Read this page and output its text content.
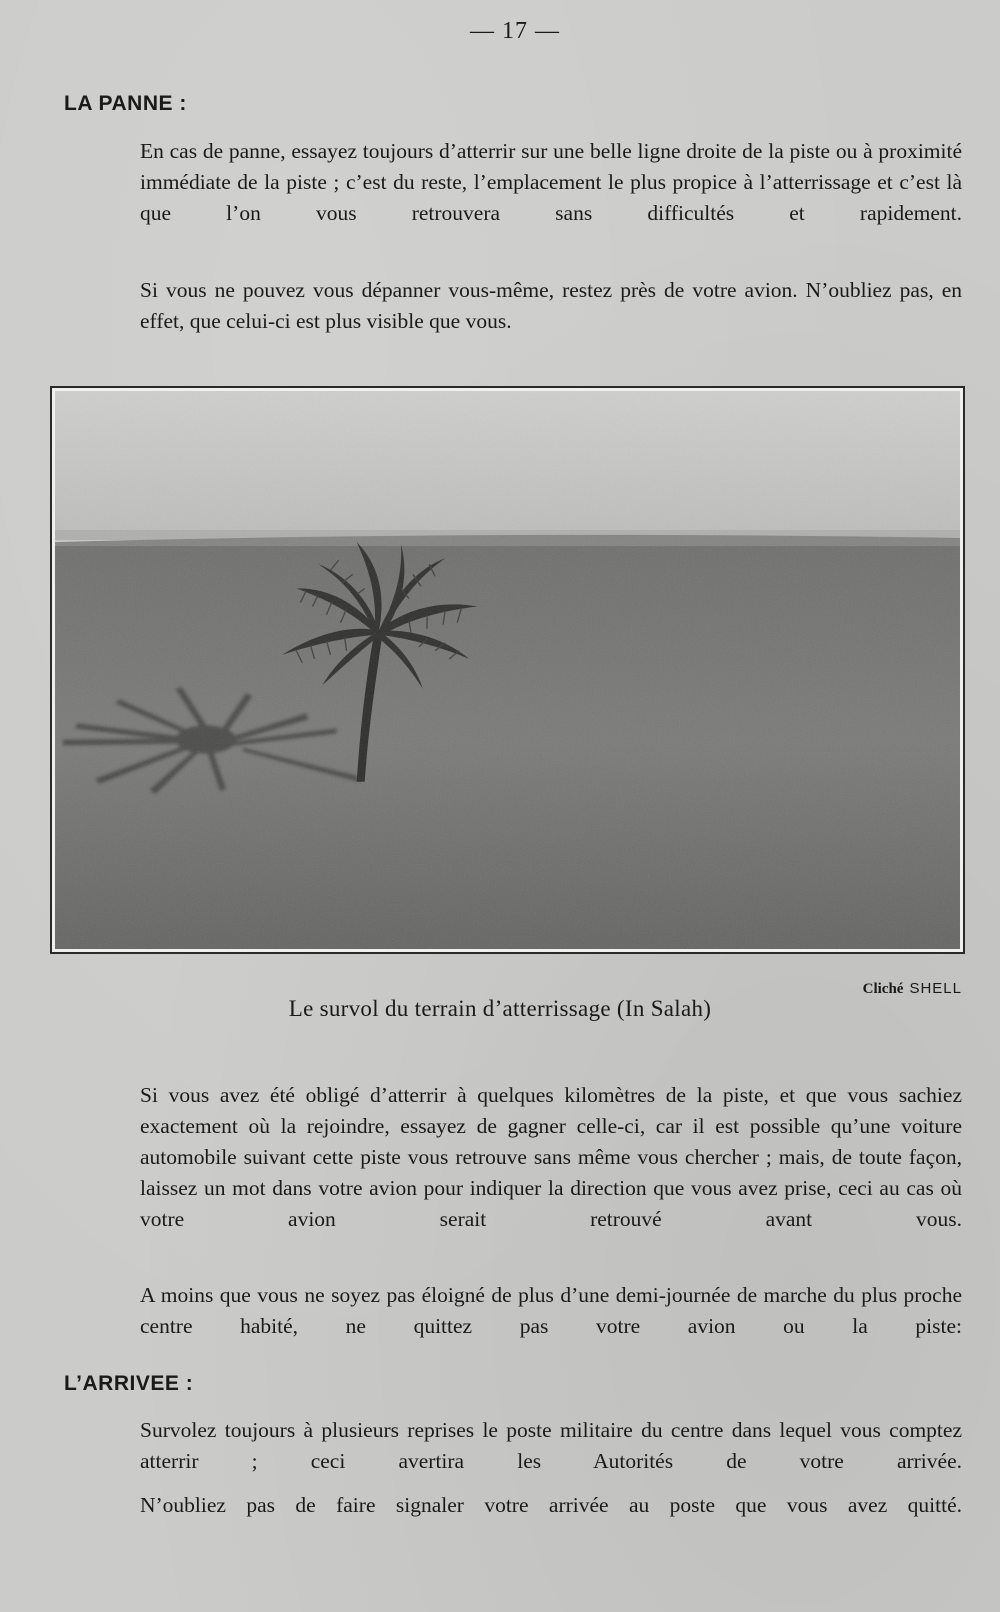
— 17 —
LA PANNE :

En cas de panne, essayez toujours d’atterrir sur une belle ligne droite de la piste ou à proximité immédiate de la piste ; c’est du reste, l’emplacement le plus propice à l’atterrissage et c’est là que l’on vous retrouvera sans difficultés et rapidement.

Si vous ne pouvez vous dépanner vous-même, restez près de votre avion. N’oubliez pas, en effet, que celui-ci est plus visible que vous.

Cliché SHELL
Le survol du terrain d’atterrissage (In Salah)

Si vous avez été obligé d’atterrir à quelques kilomètres de la piste, et que vous sachiez exactement où la rejoindre, essayez de gagner celle-ci, car il est possible qu’une voiture automobile suivant cette piste vous retrouve sans même vous chercher ; mais, de toute façon, laissez un mot dans votre avion pour indiquer la direction que vous avez prise, ceci au cas où votre avion serait retrouvé avant vous.

A moins que vous ne soyez pas éloigné de plus d’une demi-journée de marche du plus proche centre habité, ne quittez pas votre avion ou la piste:

L’ARRIVEE :

Survolez toujours à plusieurs reprises le poste militaire du centre dans lequel vous comptez atterrir ; ceci avertira les Autorités de votre arrivée.

N’oubliez pas de faire signaler votre arrivée au poste que vous avez quitté.
